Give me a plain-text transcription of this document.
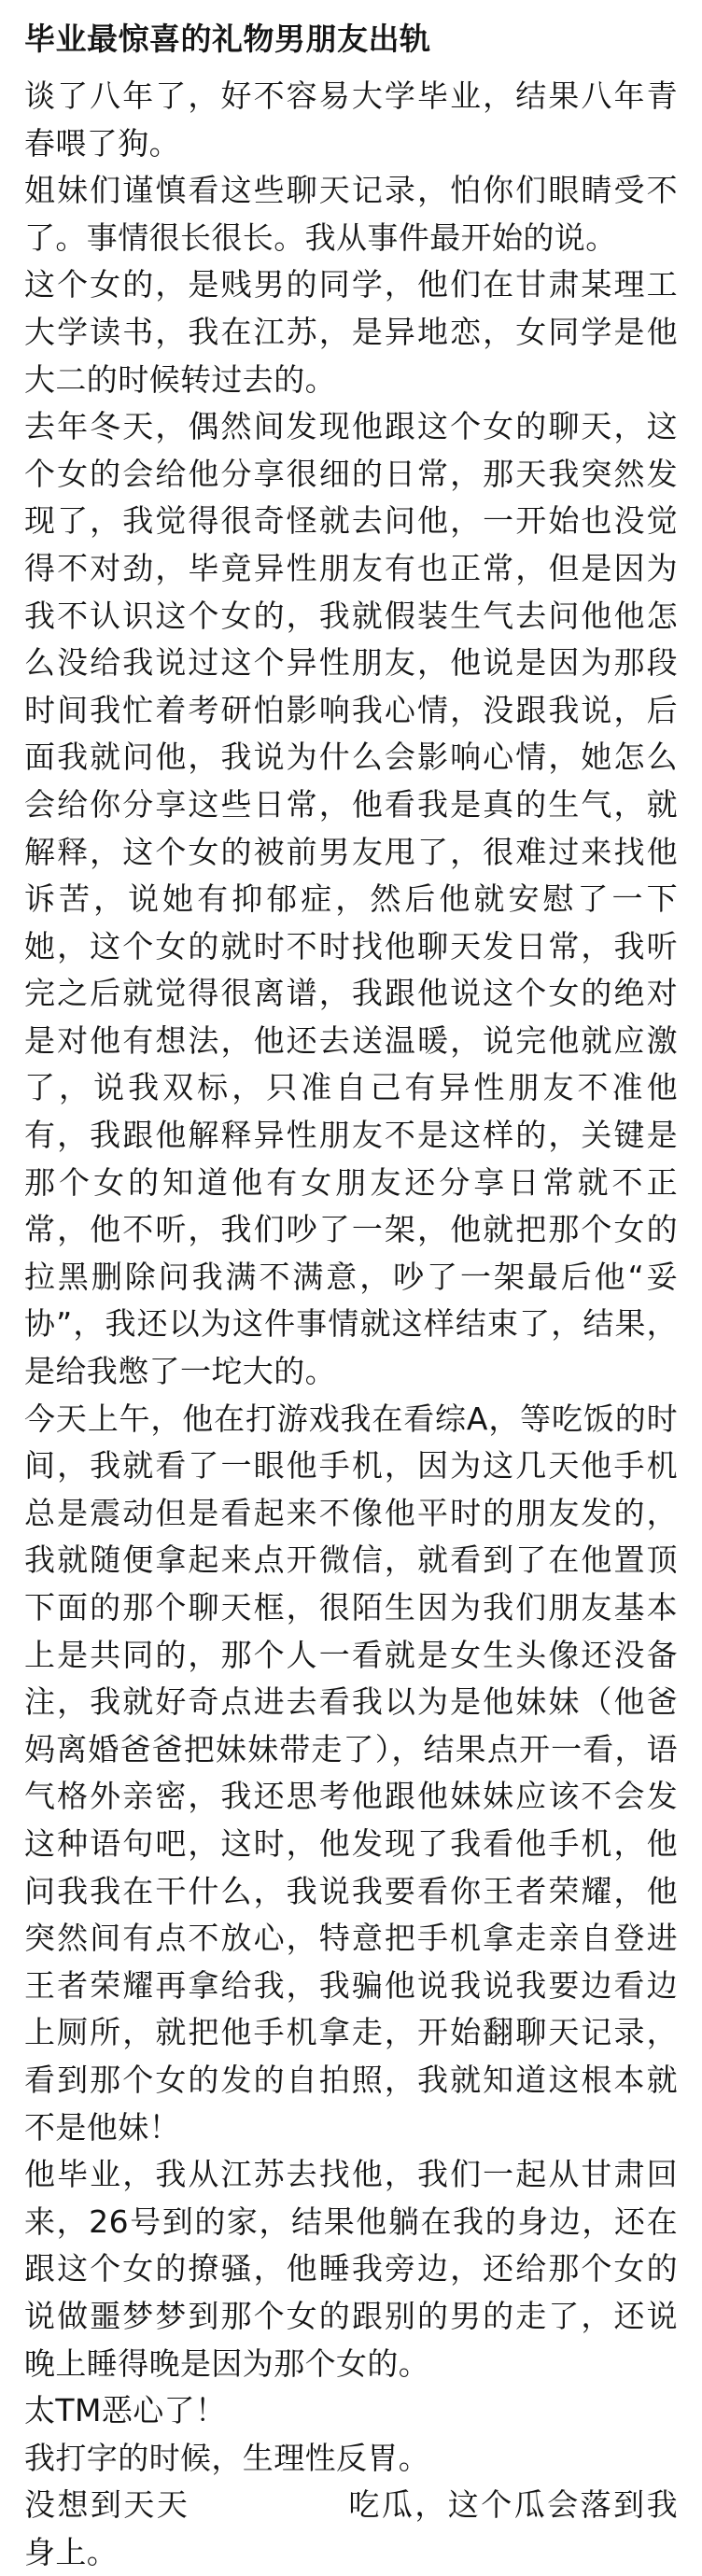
毕业最惊喜的礼物男朋友出轨

谈了八年了，好不容易大学毕业，结果八年青春喂了狗。

姐妹们谨慎看这些聊天记录，怕你们眼睛受不了。事情很长很长。我从事件最开始的说。

这个女的，是贱男的同学，他们在甘肃某理工大学读书，我在江苏，是异地恋，女同学是他大二的时候转过去的。

去年冬天，偶然间发现他跟这个女的聊天，这个女的会给他分享很细的日常，那天我突然发现了，我觉得很奇怪就去问他，一开始也没觉得不对劲，毕竟异性朋友有也正常，但是因为我不认识这个女的，我就假装生气去问他他怎么没给我说过这个异性朋友，他说是因为那段时间我忙着考研怕影响我心情，没跟我说，后面我就问他，我说为什么会影响心情，她怎么会给你分享这些日常，他看我是真的生气，就解释，这个女的被前男友甩了，很难过来找他诉苦，说她有抑郁症，然后他就安慰了一下她，这个女的就时不时找他聊天发日常，我听完之后就觉得很离谱，我跟他说这个女的绝对是对他有想法，他还去送温暖，说完他就应激了，说我双标，只准自己有异性朋友不准他有，我跟他解释异性朋友不是这样的，关键是那个女的知道他有女朋友还分享日常就不正常，他不听，我们吵了一架，他就把那个女的拉黑删除问我满不满意，吵了一架最后他“妥协”，我还以为这件事情就这样结束了，结果，是给我憋了一坨大的。

今天上午，他在打游戏我在看综A，等吃饭的时间，我就看了一眼他手机，因为这几天他手机总是震动但是看起来不像他平时的朋友发的，我就随便拿起来点开微信，就看到了在他置顶下面的那个聊天框，很陌生因为我们朋友基本上是共同的，那个人一看就是女生头像还没备注，我就好奇点进去看我以为是他妹妹（他爸妈离婚爸爸把妹妹带走了），结果点开一看，语气格外亲密，我还思考他跟他妹妹应该不会发这种语句吧，这时，他发现了我看他手机，他问我我在干什么，我说我要看你王者荣耀，他突然间有点不放心，特意把手机拿走亲自登进王者荣耀再拿给我，我骗他说我说我要边看边上厕所，就把他手机拿走，开始翻聊天记录，看到那个女的发的自拍照，我就知道这根本就不是他妹！

他毕业，我从江苏去找他，我们一起从甘肃回来，26号到的家，结果他躺在我的身边，还在跟这个女的撩骚，他睡我旁边，还给那个女的说做噩梦梦到那个女的跟别的男的走了，还说晚上睡得晚是因为那个女的。

太TM恶心了！

我打字的时候，生理性反胃。

没想到天天	吃瓜，这个瓜会落到我身上。
